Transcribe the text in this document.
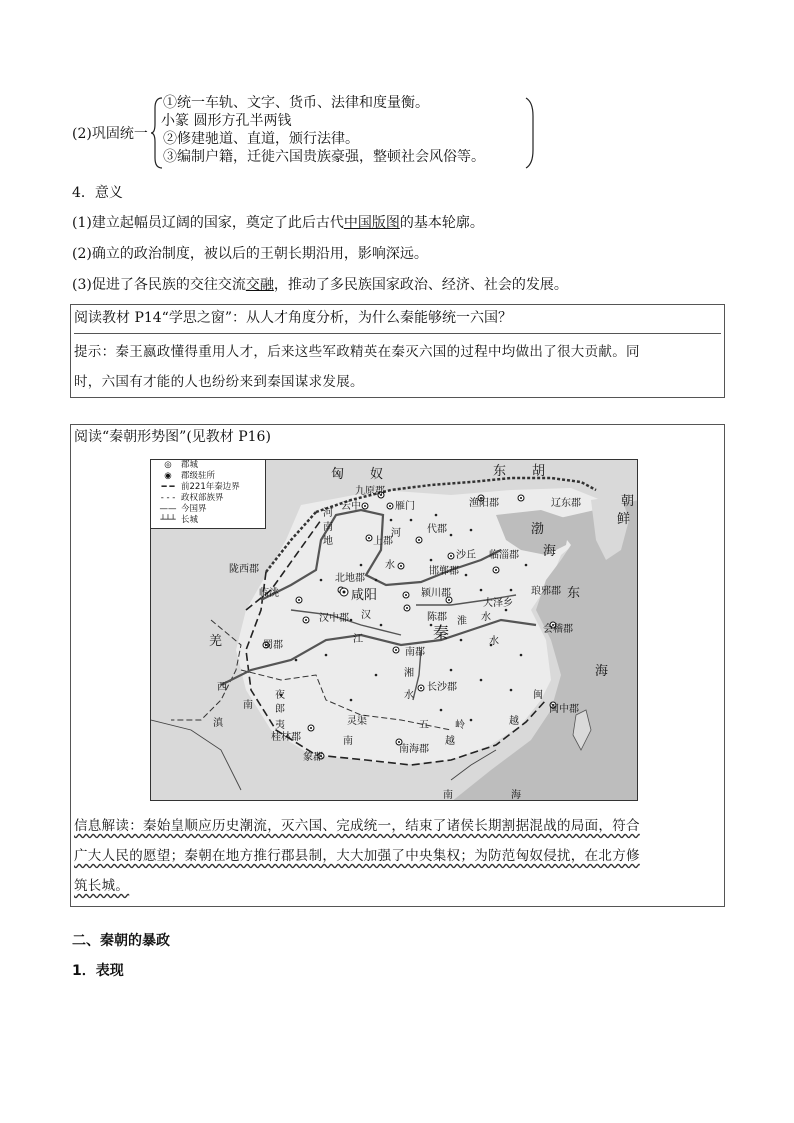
(2)巩固统一
①统一车轨、文字、货币、法律和度量衡。
小篆 圆形方孔半两钱
②修建驰道、直道，颁行法律。
③编制户籍，迁徙六国贵族豪强，整顿社会风俗等。
4．意义
(1)建立起幅员辽阔的国家，奠定了此后古代中国版图的基本轮廓。
(2)确立的政治制度，被以后的王朝长期沿用，影响深远。
(3)促进了各民族的交往交流交融，推动了多民族国家政治、经济、社会的发展。
阅读教材 P14“学思之窗”：从人才角度分析，为什么秦能够统一六国？
提示：秦王嬴政懂得重用人才，后来这些军政精英在秦灭六国的过程中均做出了很大贡献。同
时，六国有才能的人也纷纷来到秦国谋求发展。
阅读“秦朝形势图”(见教材 P16)
信息解读：秦始皇顺应历史潮流，灭六国、完成统一，结束了诸侯长期割据混战的局面，符合
广大人民的愿望；秦朝在地方推行郡县制，大大加强了中央集权；为防范匈奴侵扰，在北方修
筑长城。
◎	郡城
◉	郡级驻所
━ ━ 前221年秦边界
- - - 政权部族界
—— 今国界
┴┴┴ 长城
匈　　奴	东　　胡
朝
鲜
九原郡
云中	雁门	渔阳郡	辽东郡
河
南
地	上郡
代郡	渤
海
河
水
沙丘 临淄郡
陇西郡
北地郡
邯郸郡
琅邪郡 东
临洮	咸阳	颍川郡
大泽乡
汉中郡 汉	陈郡 淮 水
羌	蜀郡
江	秦	水
会稽郡
南郡
海
西
夜
郎
湘
水
长沙郡
南
闽
越
闽中郡
滇	夷	灵渠	五	岭
桂林郡	南	越
南海郡
象郡
南	海
二、秦朝的暴政
1．表现
